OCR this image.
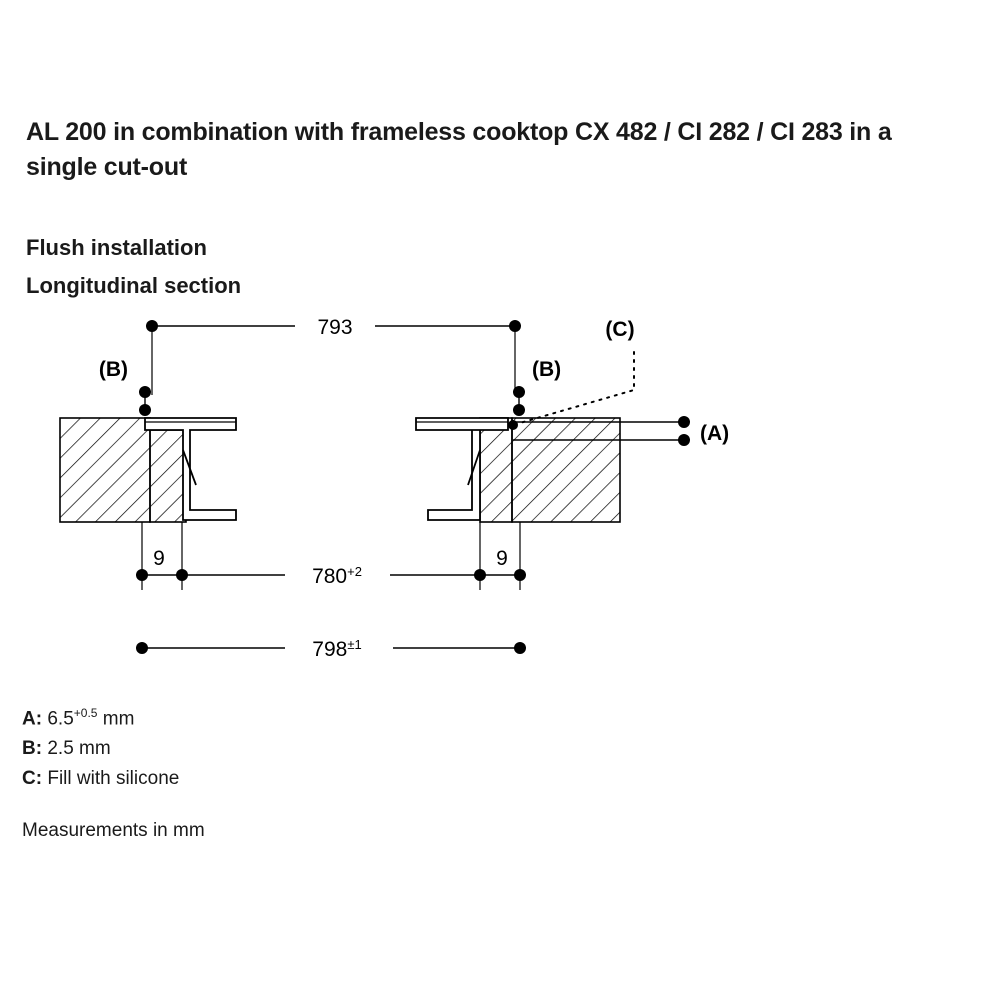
AL 200 in combination with frameless cooktop CX 482 / CI 282 / CI 283 in a single cut-out
Flush installation
Longitudinal section
793
(B)	(B)
(C)
(A)
$780^{+2}$
9	9
$798^{\pm 1}$
A: $6.5^{+0.5}$ mm
B: 2.5 mm
C: Fill with silicone
Measurements in mm
